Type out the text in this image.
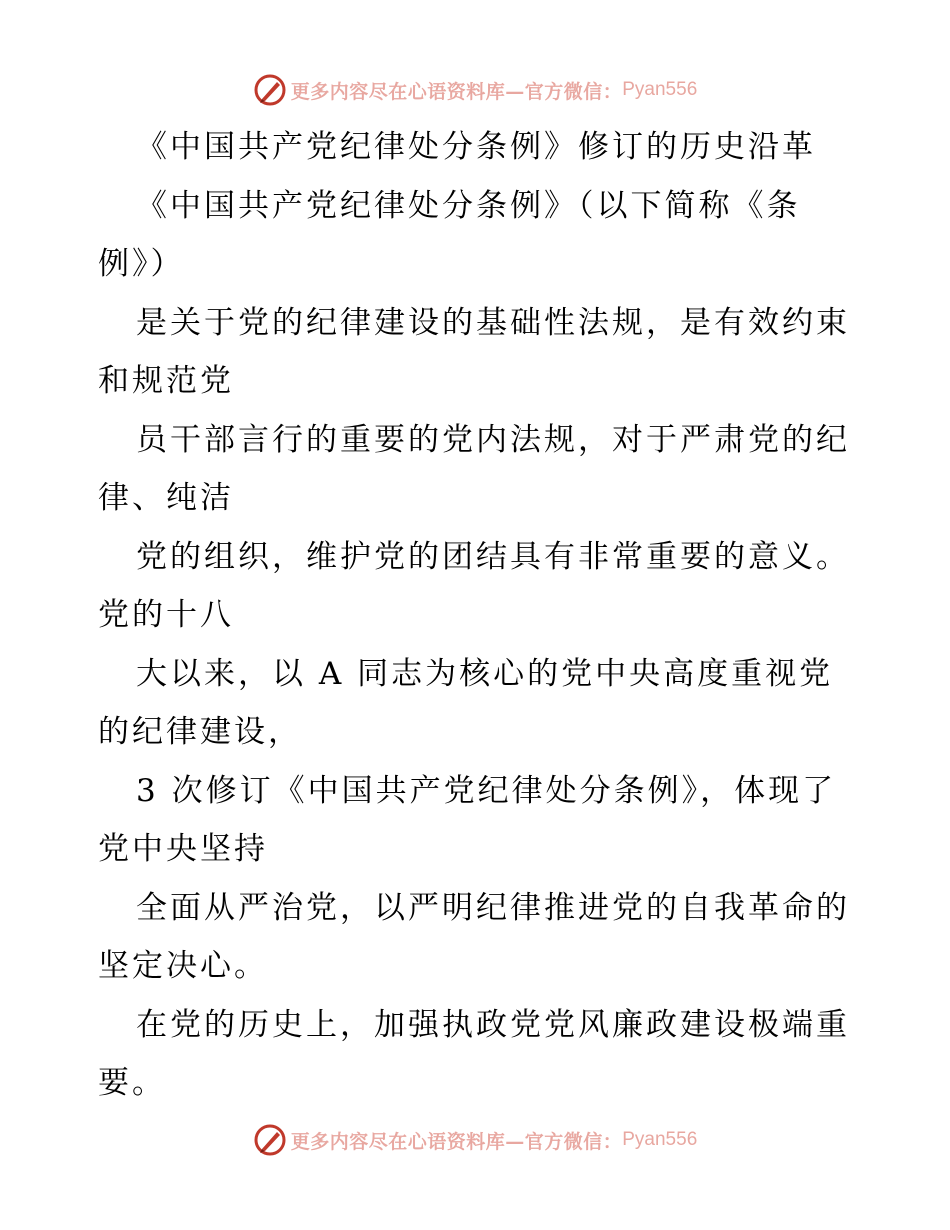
更多内容尽在心语资料库—官方微信： Pyan556
《中国共产党纪律处分条例》修订的历史沿革
《中国共产党纪律处分条例》（以下简称《条
例》）
是关于党的纪律建设的基础性法规，是有效约束
和规范党
员干部言行的重要的党内法规，对于严肃党的纪
律、纯洁
党的组织，维护党的团结具有非常重要的意义。
党的十八
大以来，以 A 同志为核心的党中央高度重视党
的纪律建设，
3 次修订《中国共产党纪律处分条例》，体现了
党中央坚持
全面从严治党，以严明纪律推进党的自我革命的
坚定决心。
在党的历史上，加强执政党党风廉政建设极端重
要。
更多内容尽在心语资料库—官方微信： Pyan556
